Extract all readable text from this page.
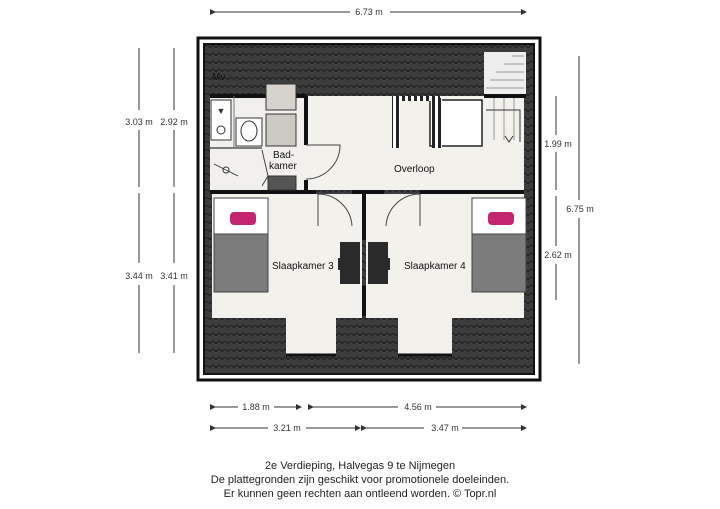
6.73 m
3.03 m 2.92 m
3.44 m 3.41 m
1.99 m
2.62 m
6.75 m
1.88 m	4.56 m
3.21 m	3.47 m
▼
Mv
Bad-
kamer	Overloop
Slaapkamer 3	Slaapkamer 4
2e Verdieping, Halvegas 9 te Nijmegen
De plattegronden zijn geschikt voor promotionele doeleinden.
Er kunnen geen rechten aan ontleend worden. © Topr.nl
